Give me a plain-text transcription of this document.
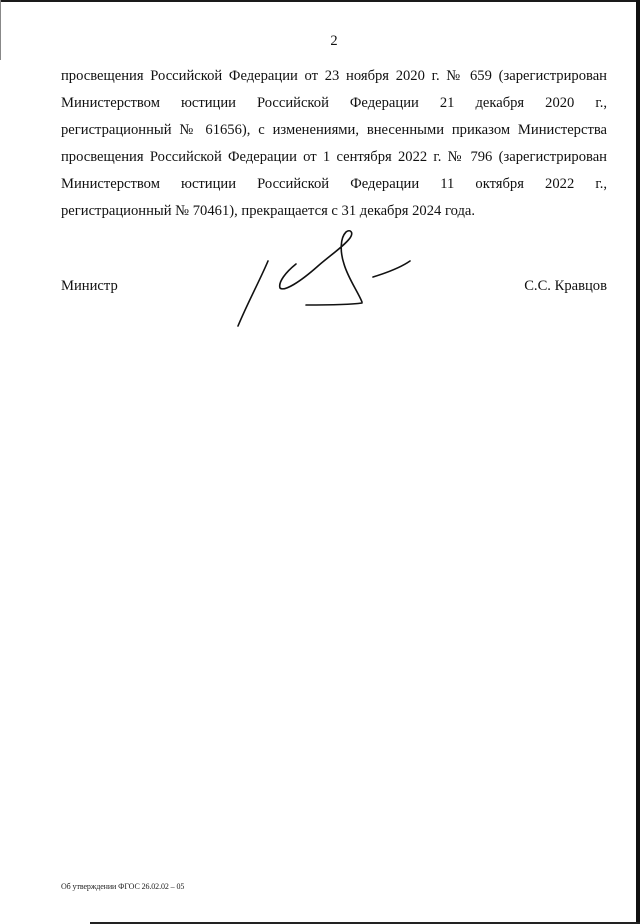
2
просвещения Российской Федерации от 23 ноября 2020 г. № 659 (зарегистрирован
Министерством юстиции Российской Федерации 21 декабря 2020 г.,
регистрационный № 61656), с изменениями, внесенными приказом Министерства
просвещения Российской Федерации от 1 сентября 2022 г. № 796 (зарегистрирован
Министерством юстиции Российской Федерации 11 октября 2022 г.,
регистрационный № 70461), прекращается с 31 декабря 2024 года.
Министр	С.С. Кравцов
Об утверждении ФГОС 26.02.02 – 05
